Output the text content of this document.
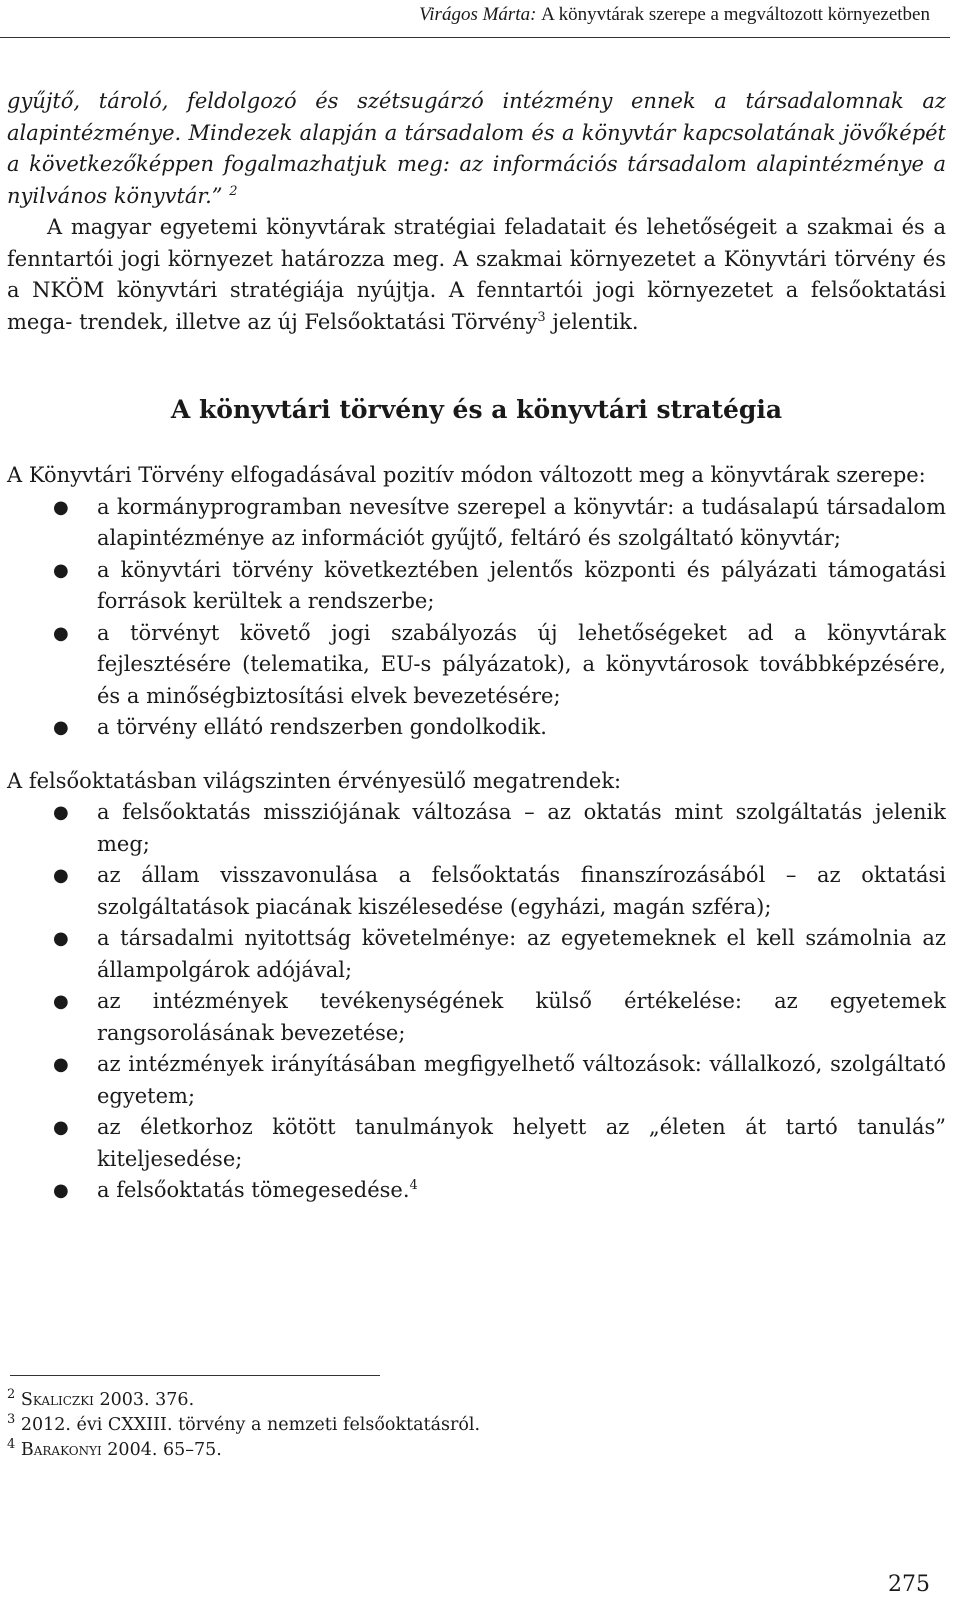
Virágos Márta: A könyvtárak szerepe a megváltozott környezetben

gyűjtő, tároló, feldolgozó és szétsugárzó intézmény ennek a társadalomnak az alapintézménye. Mindezek alapján a társadalom és a könyvtár kapcsolatának jövőképét a következőképpen fogalmazhatjuk meg: az információs társadalom alapintézménye a nyilvános könyvtár.” $^2$

A magyar egyetemi könyvtárak stratégiai feladatait és lehetőségeit a szakmai és a fenntartói jogi környezet határozza meg. A szakmai környezetet a Könyvtári törvény és a NKÖM könyvtári stratégiája nyújtja. A fenntartói jogi környezetet a felsőoktatási mega- trendek, illetve az új Felsőoktatási Törvény$^3$ jelentik.

A könyvtári törvény és a könyvtári stratégia

A Könyvtári Törvény elfogadásával pozitív módon változott meg a könyvtárak szerepe:

● a kormányprogramban nevesítve szerepel a könyvtár: a tudásalapú társadalom alapintézménye az információt gyűjtő, feltáró és szolgáltató könyvtár;
● a könyvtári törvény következtében jelentős központi és pályázati támogatási források kerültek a rendszerbe;
● a törvényt követő jogi szabályozás új lehetőségeket ad a könyvtárak fejlesztésére (telematika, EU-s pályázatok), a könyvtárosok továbbképzésére, és a minőségbiztosítási elvek bevezetésére;
● a törvény ellátó rendszerben gondolkodik.

A felsőoktatásban világszinten érvényesülő megatrendek:

● a felsőoktatás missziójának változása – az oktatás mint szolgáltatás jelenik meg;
● az állam visszavonulása a felsőoktatás finanszírozásából – az oktatási szolgáltatások piacának kiszélesedése (egyházi, magán szféra);
● a társadalmi nyitottság követelménye: az egyetemeknek el kell számolnia az állampolgárok adójával;
● az intézmények tevékenységének külső értékelése: az egyetemek rangsorolásának bevezetése;
● az intézmények irányításában megfigyelhető változások: vállalkozó, szolgáltató egyetem;
● az életkorhoz kötött tanulmányok helyett az „életen át tartó tanulás” kiteljesedése;
● a felsőoktatás tömegesedése.$^4$

$^2$ Skaliczki 2003. 376.

$^3$ 2012. évi CXXIII. törvény a nemzeti felsőoktatásról.

$^4$ Barakonyi 2004. 65–75.

275
